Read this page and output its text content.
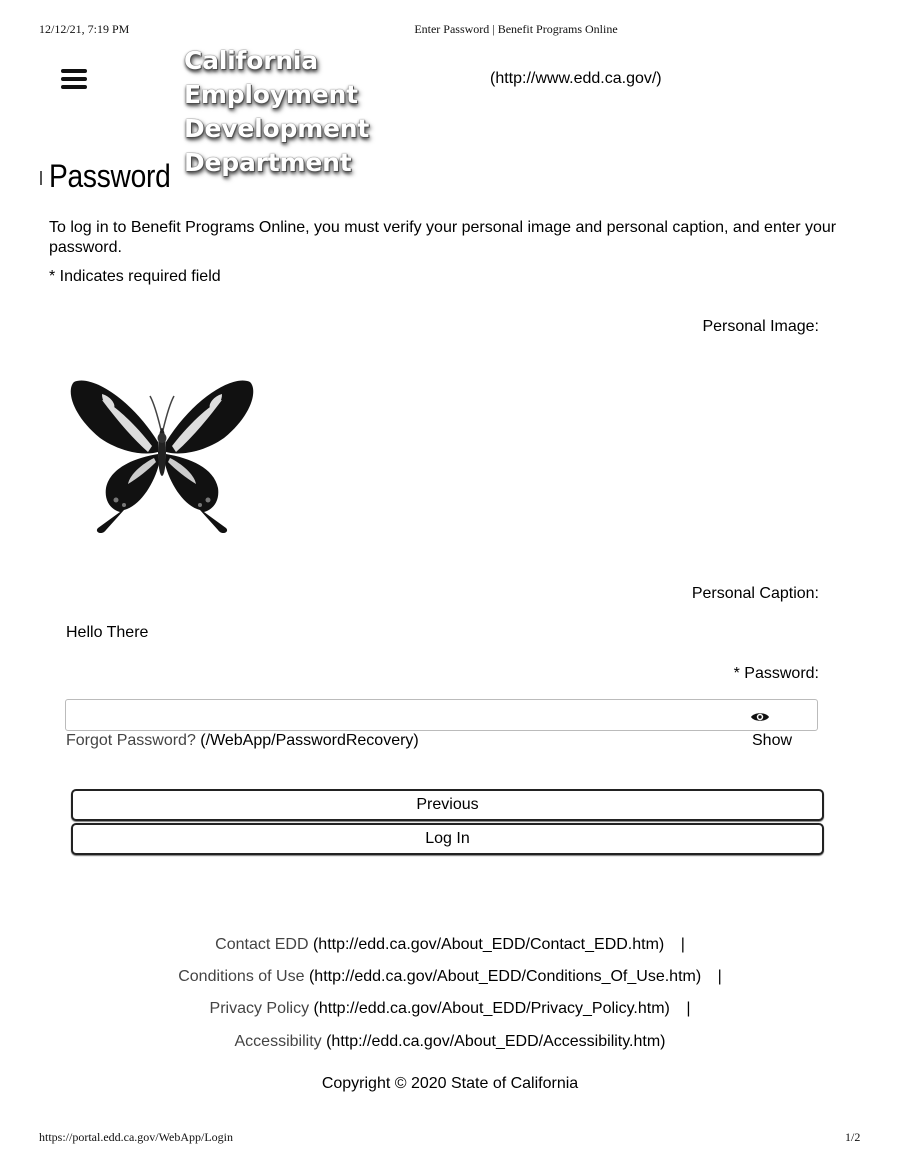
12/12/21, 7:19 PM	Enter Password | Benefit Programs Online
California Employment
Development Department
(http://www.edd.ca.gov/)
Password
To log in to Benefit Programs Online, you must verify your personal image and personal caption, and enter your password.
* Indicates required field
Personal Image:
Personal Caption:
Hello There
* Password:
Show
Forgot Password? (/WebApp/PasswordRecovery)
Previous
Log In
Contact EDD (http://edd.ca.gov/About_EDD/Contact_EDD.htm) |
Conditions of Use (http://edd.ca.gov/About_EDD/Conditions_Of_Use.htm) |
Privacy Policy (http://edd.ca.gov/About_EDD/Privacy_Policy.htm) |
Accessibility (http://edd.ca.gov/About_EDD/Accessibility.htm)
Copyright © 2020 State of California
https://portal.edd.ca.gov/WebApp/Login	1/2
